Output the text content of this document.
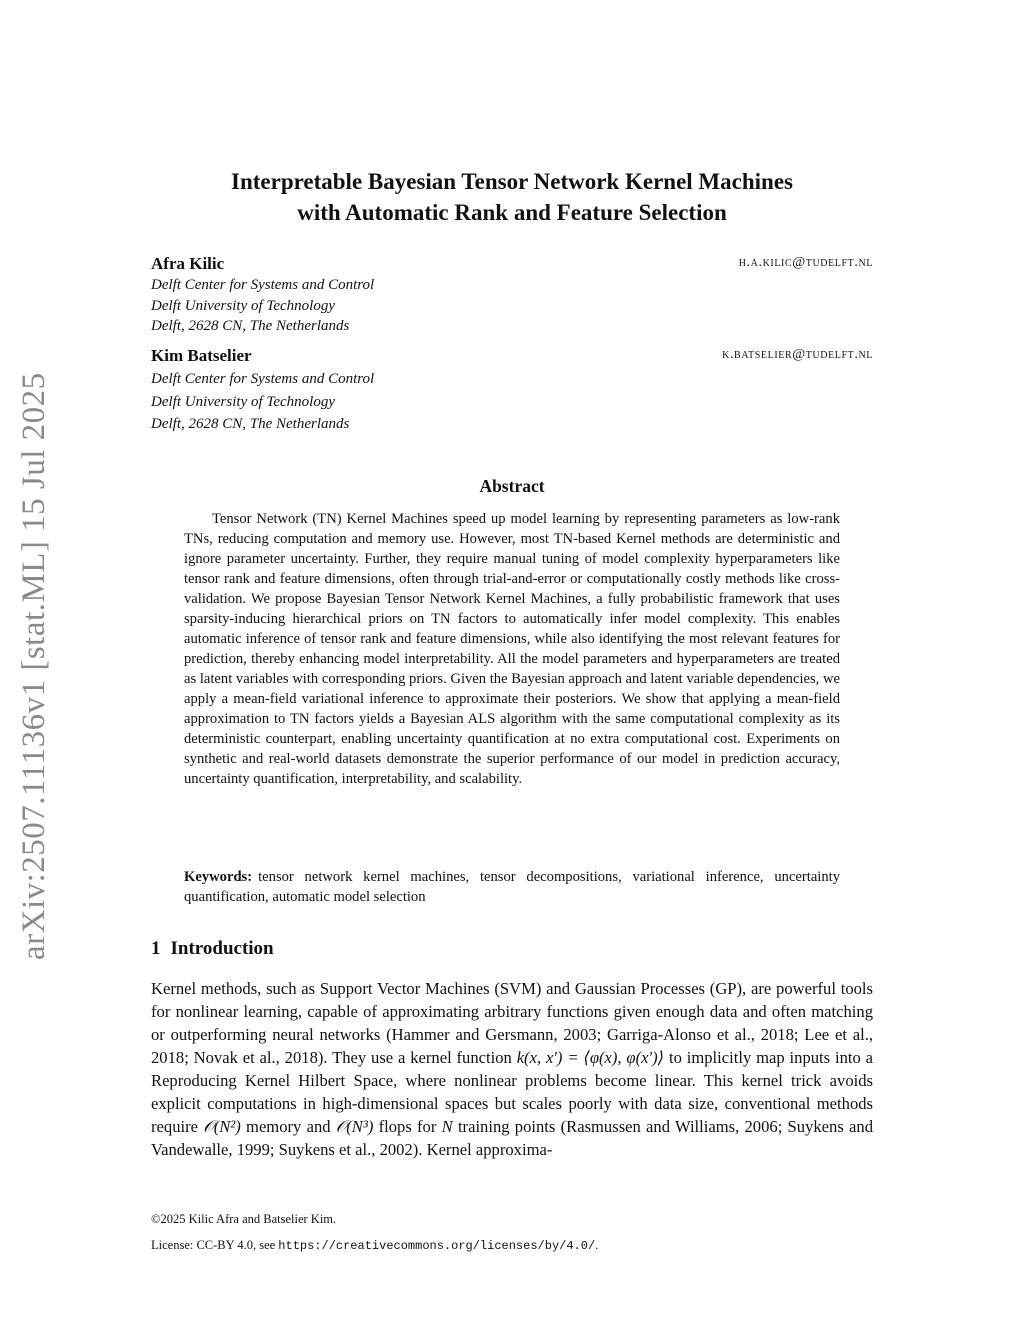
arXiv:2507.11136v1 [stat.ML] 15 Jul 2025
Interpretable Bayesian Tensor Network Kernel Machines
with Automatic Rank and Feature Selection
Afra Kilic	h.a.kilic@tudelft.nl
Delft Center for Systems and Control
Delft University of Technology
Delft, 2628 CN, The Netherlands
Kim Batselier	k.batselier@tudelft.nl
Delft Center for Systems and Control
Delft University of Technology
Delft, 2628 CN, The Netherlands
Abstract
Tensor Network (TN) Kernel Machines speed up model learning by representing parameters as low-rank TNs, reducing computation and memory use. However, most TN-based Kernel methods are deterministic and ignore parameter uncertainty. Further, they require manual tuning of model complexity hyperparameters like tensor rank and feature dimensions, often through trial-and-error or computationally costly methods like cross-validation. We propose Bayesian Tensor Network Kernel Machines, a fully probabilistic framework that uses sparsity-inducing hierarchical priors on TN factors to automatically infer model complexity. This enables automatic inference of tensor rank and feature dimensions, while also identifying the most relevant features for prediction, thereby enhancing model interpretability. All the model parameters and hyperparameters are treated as latent variables with corresponding priors. Given the Bayesian approach and latent variable dependencies, we apply a mean-field variational inference to approximate their posteriors. We show that applying a mean-field approximation to TN factors yields a Bayesian ALS algorithm with the same computational complexity as its deterministic counterpart, enabling uncertainty quantification at no extra computational cost. Experiments on synthetic and real-world datasets demonstrate the superior performance of our model in prediction accuracy, uncertainty quantification, interpretability, and scalability.
Keywords: tensor network kernel machines, tensor decompositions, variational inference, uncertainty quantification, automatic model selection
1 Introduction
Kernel methods, such as Support Vector Machines (SVM) and Gaussian Processes (GP), are powerful tools for nonlinear learning, capable of approximating arbitrary functions given enough data and often matching or outperforming neural networks (Hammer and Gersmann, 2003; Garriga-Alonso et al., 2018; Lee et al., 2018; Novak et al., 2018). They use a kernel function k(x, x′) = ⟨φ(x), φ(x′)⟩ to implicitly map inputs into a Reproducing Kernel Hilbert Space, where nonlinear problems become linear. This kernel trick avoids explicit computations in high-dimensional spaces but scales poorly with data size, conventional methods require 𝒪(N²) memory and 𝒪(N³) flops for N training points (Rasmussen and Williams, 2006; Suykens and Vandewalle, 1999; Suykens et al., 2002). Kernel approxima-
©2025 Kilic Afra and Batselier Kim.
License: CC-BY 4.0, see https://creativecommons.org/licenses/by/4.0/.
